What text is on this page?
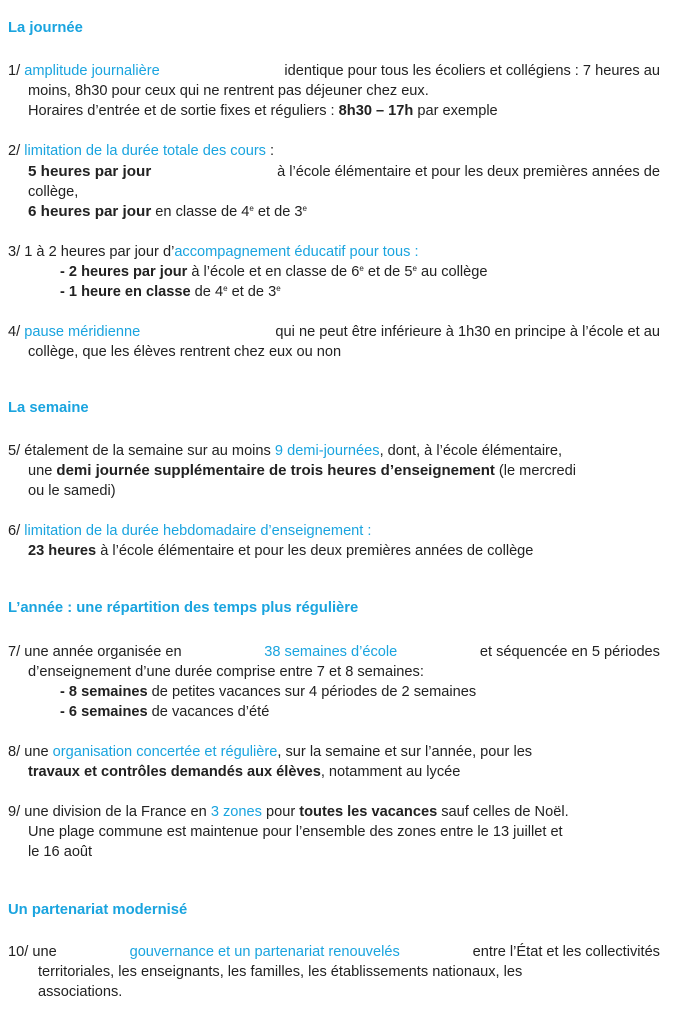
La journée
1/ amplitude journalière	identique pour tous les écoliers et collégiens : 7 heures au
moins, 8h30 pour ceux qui ne rentrent pas déjeuner chez eux.
Horaires d’entrée et de sortie fixes et réguliers : 8h30 – 17h par exemple
2/ limitation de la durée totale des cours :
5 heures par jour	à l’école élémentaire et pour les deux premières années de
collège,
6 heures par jour en classe de 4e et de 3e
3/ 1 à 2 heures par jour d’accompagnement éducatif pour tous :
- 2 heures par jour à l’école et en classe de 6e et de 5e au collège
- 1 heure en classe de 4e et de 3e
4/ pause méridienne	qui ne peut être inférieure à 1h30 en principe à l’école et au
collège, que les élèves rentrent chez eux ou non
La semaine
5/ étalement de la semaine sur au moins 9 demi-journées, dont, à l’école élémentaire,
une demi journée supplémentaire de trois heures d’enseignement (le mercredi
ou le samedi)
6/ limitation de la durée hebdomadaire d’enseignement :
23 heures à l’école élémentaire et pour les deux premières années de collège
L’année : une répartition des temps plus régulière
7/ une année organisée en	38 semaines d’école	et séquencée en 5 périodes
d’enseignement d’une durée comprise entre 7 et 8 semaines:
- 8 semaines de petites vacances sur 4 périodes de 2 semaines
- 6 semaines de vacances d’été
8/ une organisation concertée et régulière, sur la semaine et sur l’année, pour les
travaux et contrôles demandés aux élèves, notamment au lycée
9/ une division de la France en 3 zones pour toutes les vacances sauf celles de Noël.
Une plage commune est maintenue pour l’ensemble des zones entre le 13 juillet et
le 16 août
Un partenariat modernisé
10/ une	gouvernance et un partenariat renouvelés	entre l’État et les collectivités
territoriales, les enseignants, les familles, les établissements nationaux, les
associations.
